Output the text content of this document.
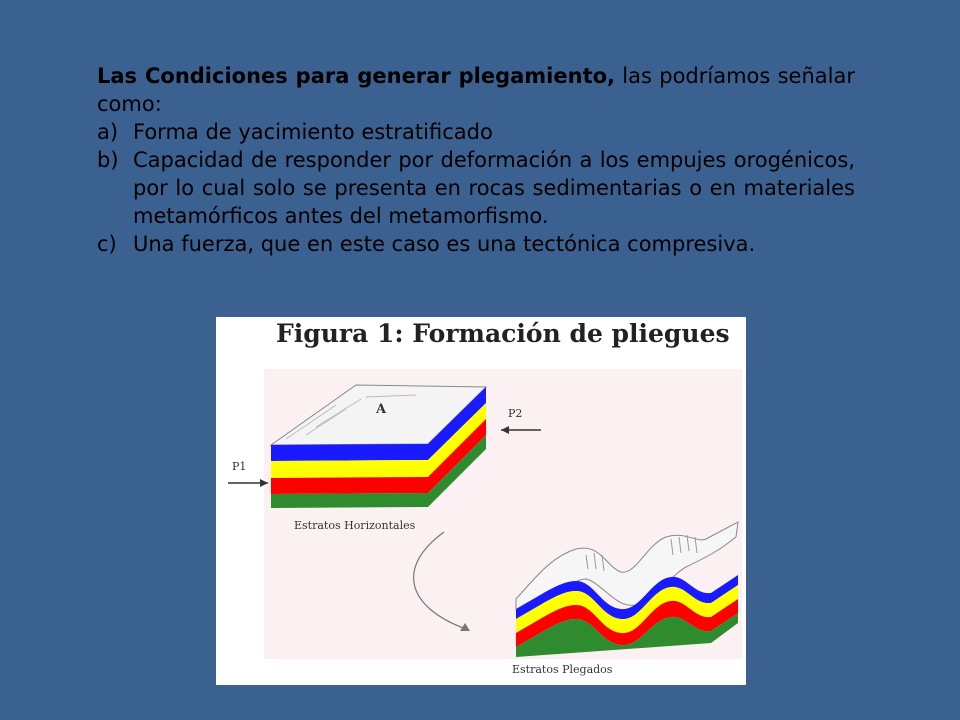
Las Condiciones para generar plegamiento, las podríamos señalar como:

a) Forma de yacimiento estratificado
b) Capacidad de responder por deformación a los empujes orogénicos, por lo cual solo se presenta en rocas sedimentarias o en materiales metamórficos antes del metamorfismo.
c) Una fuerza, que en este caso es una tectónica compresiva.
Figura 1: Formación de pliegues
A
P1
P2
Estratos Horizontales
Estratos Plegados
